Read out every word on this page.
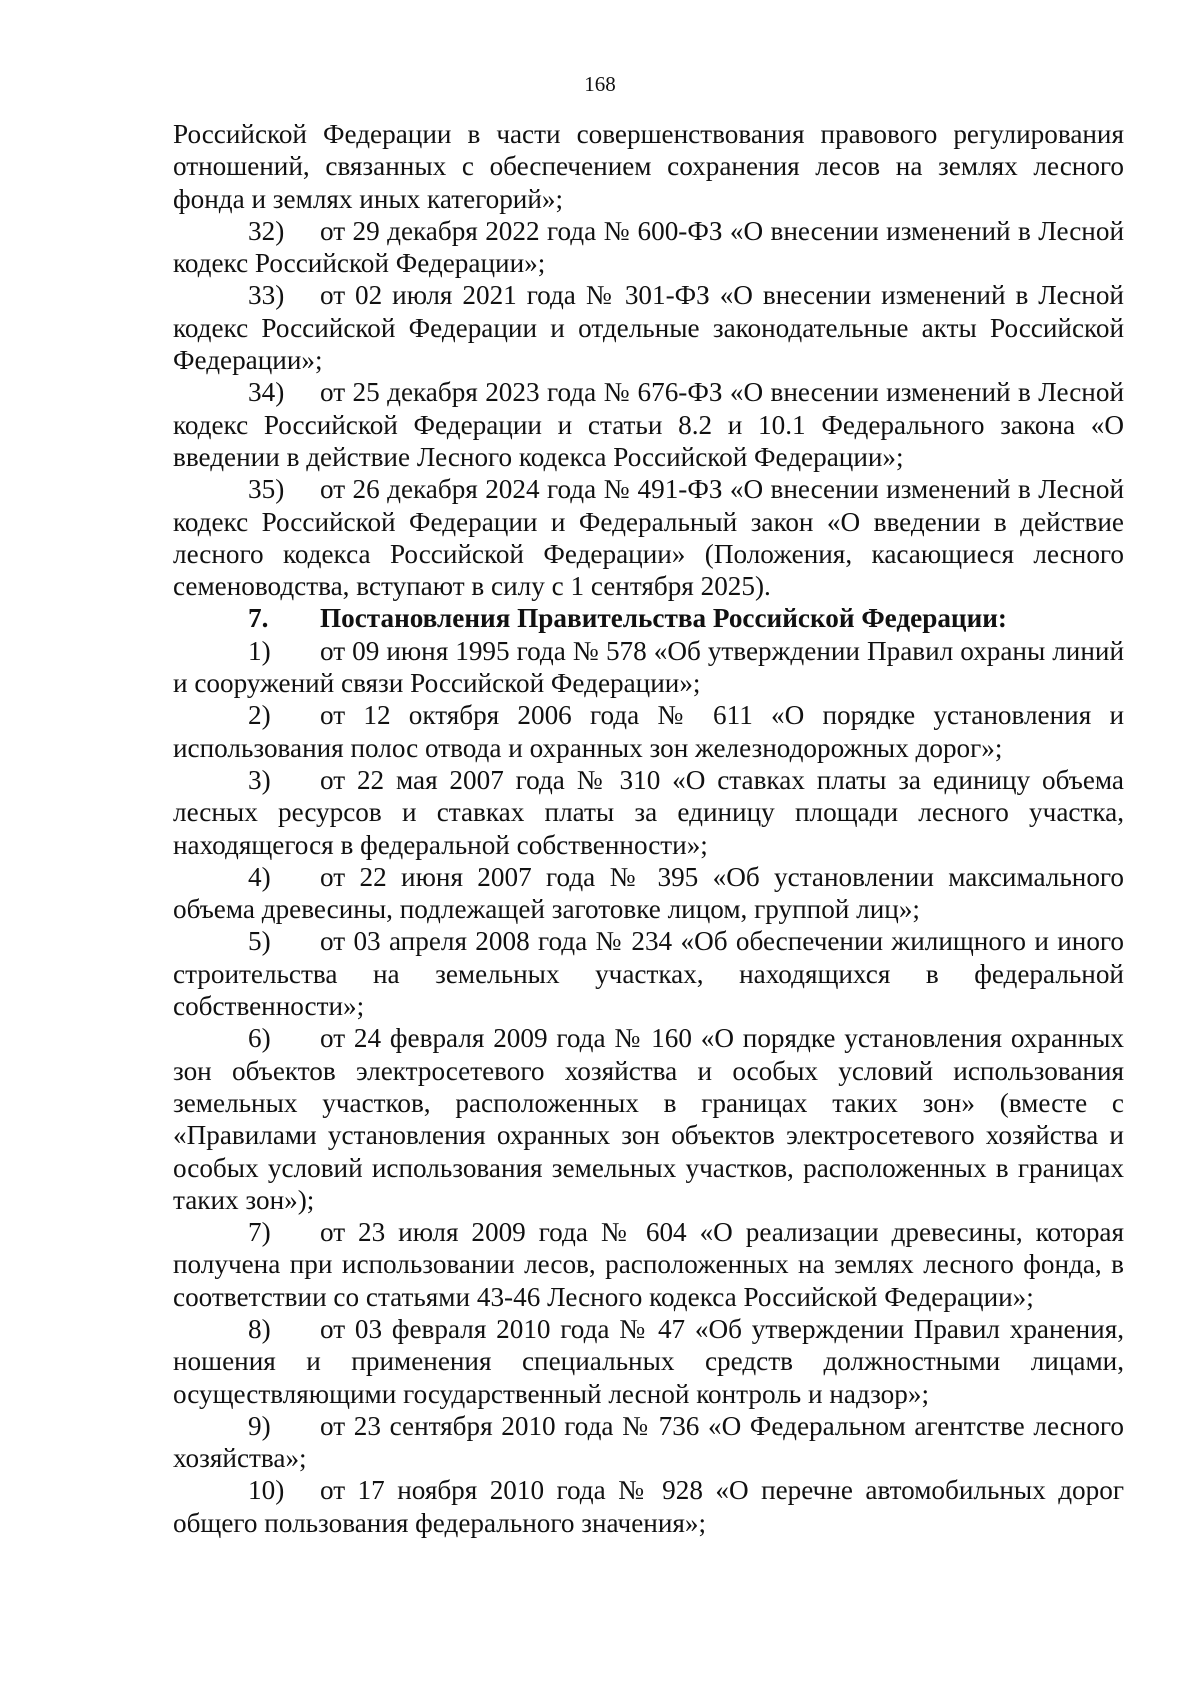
168

Российской Федерации в части совершенствования правового регулирования отношений, связанных с обеспечением сохранения лесов на землях лесного фонда и землях иных категорий»;

32) от 29 декабря 2022 года № 600-ФЗ «О внесении изменений в Лесной кодекс Российской Федерации»;

33) от 02 июля 2021 года № 301-ФЗ «О внесении изменений в Лесной кодекс Российской Федерации и отдельные законодательные акты Российской Федерации»;

34) от 25 декабря 2023 года № 676-ФЗ «О внесении изменений в Лесной кодекс Российской Федерации и статьи 8.2 и 10.1 Федерального закона «О введении в действие Лесного кодекса Российской Федерации»;

35) от 26 декабря 2024 года № 491-ФЗ «О внесении изменений в Лесной кодекс Российской Федерации и Федеральный закон «О введении в действие лесного кодекса Российской Федерации» (Положения, касающиеся лесного семеноводства, вступают в силу с 1 сентября 2025).

7. Постановления Правительства Российской Федерации:

1) от 09 июня 1995 года № 578 «Об утверждении Правил охраны линий и сооружений связи Российской Федерации»;

2) от 12 октября 2006 года № 611 «О порядке установления и использования полос отвода и охранных зон железнодорожных дорог»;

3) от 22 мая 2007 года № 310 «О ставках платы за единицу объема лесных ресурсов и ставках платы за единицу площади лесного участка, находящегося в федеральной собственности»;

4) от 22 июня 2007 года № 395 «Об установлении максимального объема древесины, подлежащей заготовке лицом, группой лиц»;

5) от 03 апреля 2008 года № 234 «Об обеспечении жилищного и иного строительства на земельных участках, находящихся в федеральной собственности»;

6) от 24 февраля 2009 года № 160 «О порядке установления охранных зон объектов электросетевого хозяйства и особых условий использования земельных участков, расположенных в границах таких зон» (вместе с «Правилами установления охранных зон объектов электросетевого хозяйства и особых условий использования земельных участков, расположенных в границах таких зон»);

7) от 23 июля 2009 года № 604 «О реализации древесины, которая получена при использовании лесов, расположенных на землях лесного фонда, в соответствии со статьями 43-46 Лесного кодекса Российской Федерации»;

8) от 03 февраля 2010 года № 47 «Об утверждении Правил хранения, ношения и применения специальных средств должностными лицами, осуществляющими государственный лесной контроль и надзор»;

9) от 23 сентября 2010 года № 736 «О Федеральном агентстве лесного хозяйства»;

10) от 17 ноября 2010 года № 928 «О перечне автомобильных дорог общего пользования федерального значения»;
